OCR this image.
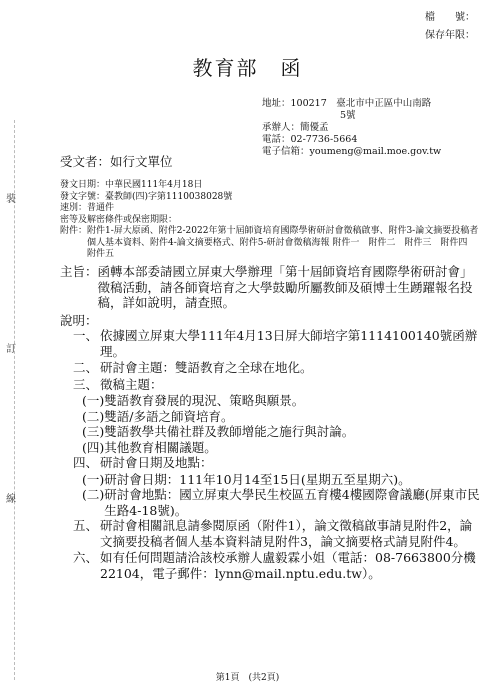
檔　　號：
保存年限：
教育部　函
地址：100217　臺北市中正區中山南路
5號
承辦人：簡優孟
電話：02-7736-5664
電子信箱：youmeng@mail.moe.gov.tw
受文者：如行文單位
發文日期：中華民國111年4月18日
發文字號：臺教師(四)字第1110038028號
速別：普通件
密等及解密條件或保密期限：
附件： 附件1-屏大原函、附件2-2022年第十屆師資培育國際學術研討會徵稿啟事、附件3-論文摘要投稿者個人基本資料、附件4-論文摘要格式、附件5-研討會徵稿海報 附件一　附件二　附件三　附件四　附件五
主旨： 函轉本部委請國立屏東大學辦理「第十屆師資培育國際學術研討會」徵稿活動，請各師資培育之大學鼓勵所屬教師及碩博士生踴躍報名投稿，詳如說明，請查照。
說明：
一、 依據國立屏東大學111年4月13日屏大師培字第1114100140號函辦理。
二、 研討會主題：雙語教育之全球在地化。
三、 徵稿主題：
(一) 雙語教育發展的現況、策略與願景。
(二) 雙語/多語之師資培育。
(三) 雙語教學共備社群及教師增能之施行與討論。
(四) 其他教育相關議題。
四、 研討會日期及地點：
(一) 研討會日期：111年10月14至15日(星期五至星期六)。
(二) 研討會地點：國立屏東大學民生校區五育樓4樓國際會議廳(屏東市民生路4-18號)。
五、 研討會相關訊息請參閱原函（附件1），論文徵稿啟事請見附件2，論文摘要投稿者個人基本資料請見附件3，論文摘要格式請見附件4。
六、 如有任何問題請洽該校承辦人盧毅霖小姐（電話：08-7663800分機22104，電子郵件：lynn@mail.nptu.edu.tw）。
裝
訂
線
第1頁　(共2頁)
